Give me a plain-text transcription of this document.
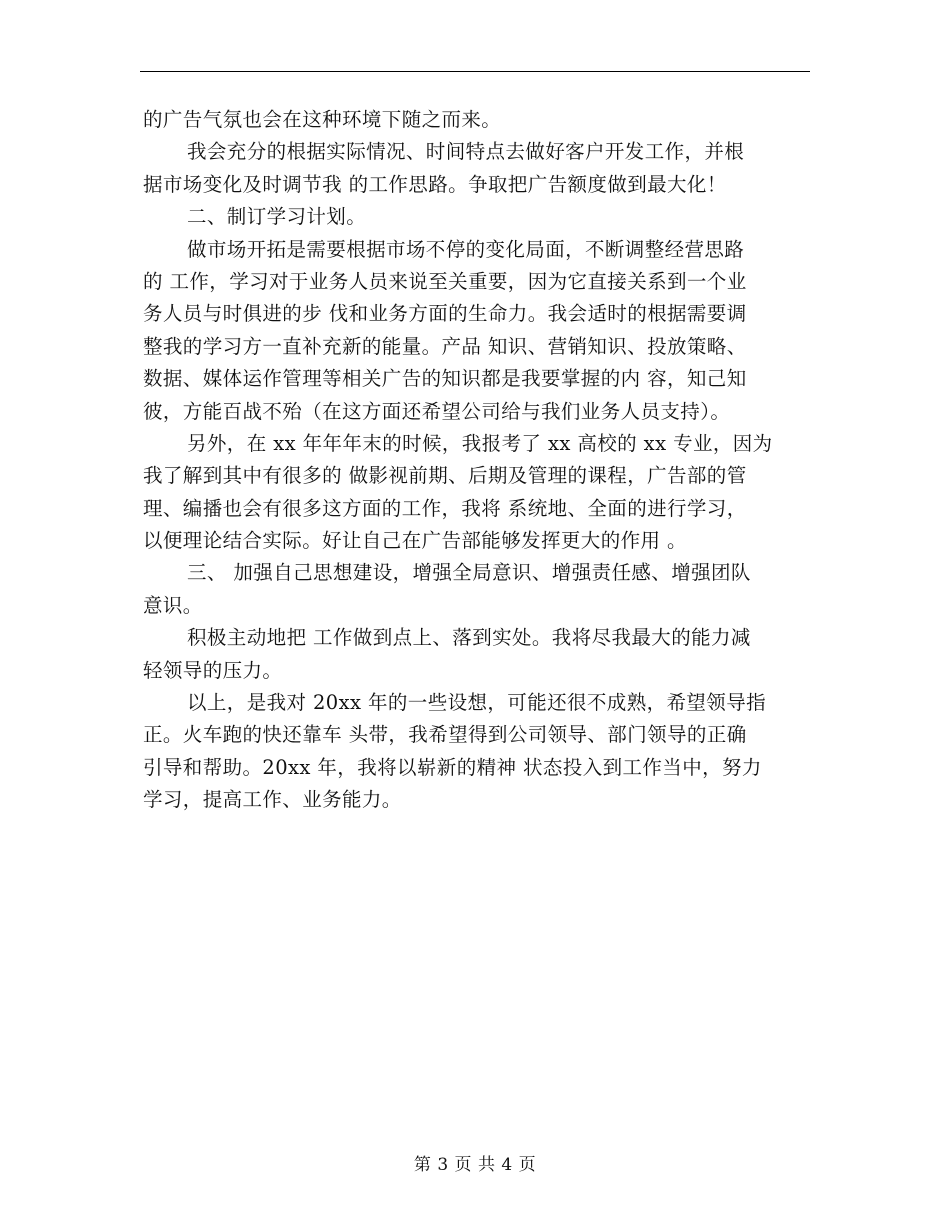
的广告气氛也会在这种环境下随之而来。
我会充分的根据实际情况、时间特点去做好客户开发工作，并根
据市场变化及时调节我 的工作思路。争取把广告额度做到最大化！
二、制订学习计划。
做市场开拓是需要根据市场不停的变化局面，不断调整经营思路
的 工作，学习对于业务人员来说至关重要，因为它直接关系到一个业
务人员与时俱进的步 伐和业务方面的生命力。我会适时的根据需要调
整我的学习方一直补充新的能量。产品 知识、营销知识、投放策略、
数据、媒体运作管理等相关广告的知识都是我要掌握的内 容，知己知
彼，方能百战不殆（在这方面还希望公司给与我们业务人员支持）。
另外，在 xx 年年年末的时候，我报考了 xx 高校的 xx 专业，因为
我了解到其中有很多的 做影视前期、后期及管理的课程，广告部的管
理、编播也会有很多这方面的工作，我将 系统地、全面的进行学习，
以便理论结合实际。好让自己在广告部能够发挥更大的作用 。
三、 加强自己思想建设，增强全局意识、增强责任感、增强团队
意识。
积极主动地把 工作做到点上、落到实处。我将尽我最大的能力减
轻领导的压力。
以上，是我对 20xx 年的一些设想，可能还很不成熟，希望领导指
正。火车跑的快还靠车 头带，我希望得到公司领导、部门领导的正确
引导和帮助。20xx 年，我将以崭新的精神 状态投入到工作当中，努力
学习，提高工作、业务能力。
第 3 页 共 4 页
